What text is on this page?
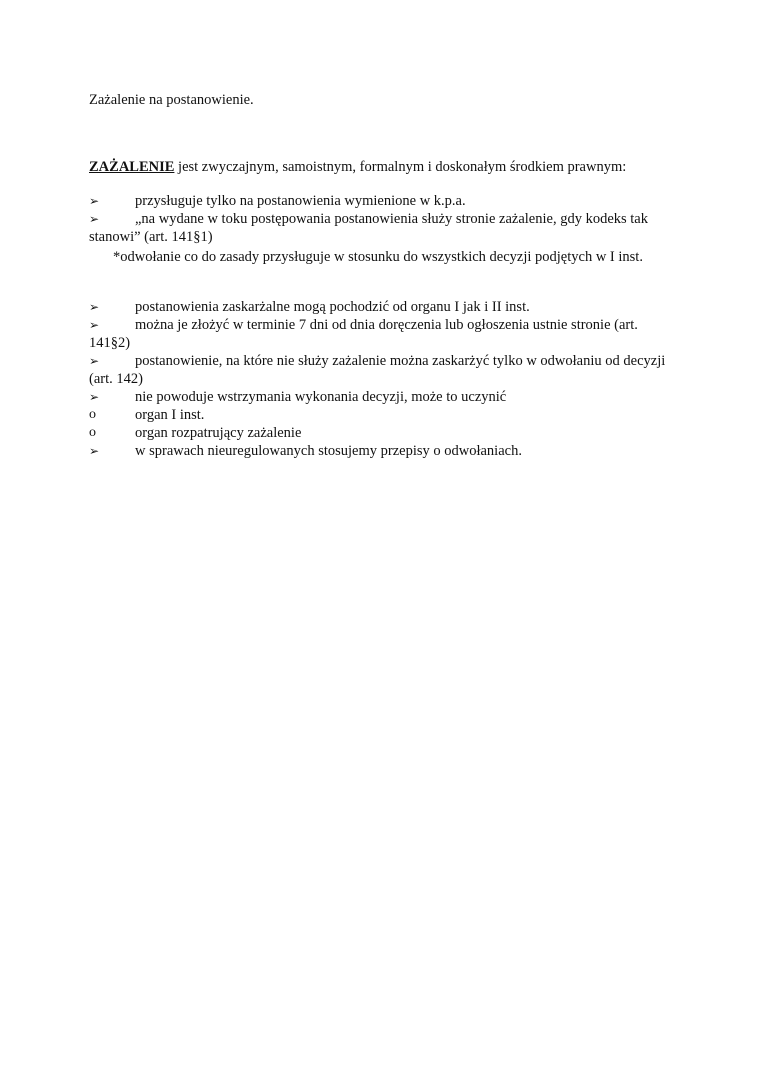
Zażalenie na postanowienie.
ZAŻALENIE jest zwyczajnym, samoistnym, formalnym i doskonałym środkiem prawnym:
➢	przysługuje tylko na postanowienia wymienione w k.p.a.
➢	„na wydane w toku postępowania postanowienia służy stronie zażalenie, gdy kodeks tak stanowi” (art. 141§1)
*odwołanie co do zasady przysługuje w stosunku do wszystkich decyzji podjętych w I inst.
➢	postanowienia zaskarżalne mogą pochodzić od organu I jak i II inst.
➢	można je złożyć w terminie 7 dni od dnia doręczenia lub ogłoszenia ustnie stronie (art. 141§2)
➢	postanowienie, na które nie służy zażalenie można zaskarżyć tylko w odwołaniu od decyzji (art. 142)
➢	nie powoduje wstrzymania wykonania decyzji, może to uczynić
o	organ I inst.
o	organ rozpatrujący zażalenie
➢	w sprawach nieuregulowanych stosujemy przepisy o odwołaniach.
